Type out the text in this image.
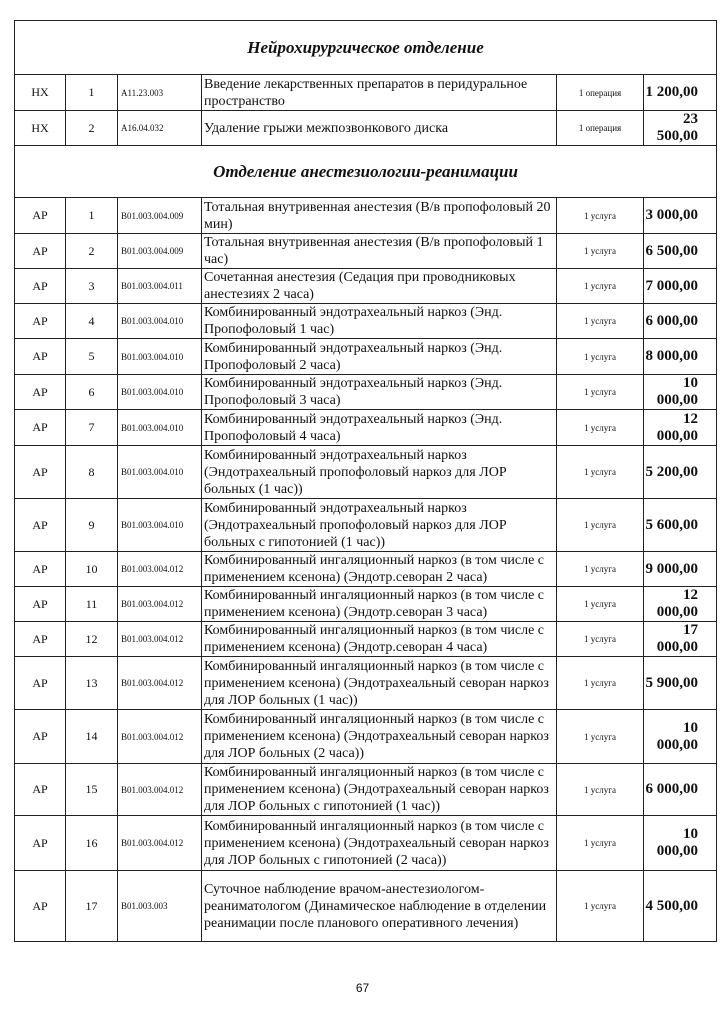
Нейрохирургическое отделение					
НХ	1	A11.23.003	Введение лекарственных препаратов в перидуральное пространство	1 операция	1 200,00
НХ	2	A16.04.032	Удаление грыжи межпозвонкового диска	1 операция	23 500,00
Отделение анестезиологии-реанимации					
АР	1	B01.003.004.009	Тотальная внутривенная анестезия (В/в пропофоловый 20 мин)	1 услуга	3 000,00
АР	2	B01.003.004.009	Тотальная внутривенная анестезия (В/в пропофоловый 1 час)	1 услуга	6 500,00
АР	3	B01.003.004.011	Сочетанная анестезия (Седация при проводниковых анестезиях 2 часа)	1 услуга	7 000,00
АР	4	B01.003.004.010	Комбинированный эндотрахеальный наркоз (Энд. Пропофоловый 1 час)	1 услуга	6 000,00
АР	5	B01.003.004.010	Комбинированный эндотрахеальный наркоз (Энд. Пропофоловый 2 часа)	1 услуга	8 000,00
АР	6	B01.003.004.010	Комбинированный эндотрахеальный наркоз (Энд. Пропофоловый 3 часа)	1 услуга	10 000,00
АР	7	B01.003.004.010	Комбинированный эндотрахеальный наркоз (Энд. Пропофоловый 4 часа)	1 услуга	12 000,00
АР	8	B01.003.004.010	Комбинированный эндотрахеальный наркоз (Эндотрахеальный пропофоловый наркоз для ЛОР больных (1 час))	1 услуга	5 200,00
АР	9	B01.003.004.010	Комбинированный эндотрахеальный наркоз (Эндотрахеальный пропофоловый наркоз для ЛОР больных с гипотонией (1 час))	1 услуга	5 600,00
АР	10	B01.003.004.012	Комбинированный ингаляционный наркоз (в том числе с применением ксенона) (Эндотр.севоран 2 часа)	1 услуга	9 000,00
АР	11	B01.003.004.012	Комбинированный ингаляционный наркоз (в том числе с применением ксенона) (Эндотр.севоран 3 часа)	1 услуга	12 000,00
АР	12	B01.003.004.012	Комбинированный ингаляционный наркоз (в том числе с применением ксенона) (Эндотр.севоран 4 часа)	1 услуга	17 000,00
АР	13	B01.003.004.012	Комбинированный ингаляционный наркоз (в том числе с применением ксенона) (Эндотрахеальный севоран наркоз для ЛОР больных (1 час))	1 услуга	5 900,00
АР	14	B01.003.004.012	Комбинированный ингаляционный наркоз (в том числе с применением ксенона) (Эндотрахеальный севоран наркоз для ЛОР больных (2 часа))	1 услуга	10 000,00
АР	15	B01.003.004.012	Комбинированный ингаляционный наркоз (в том числе с применением ксенона) (Эндотрахеальный севоран наркоз для ЛОР больных с гипотонией (1 час))	1 услуга	6 000,00
АР	16	B01.003.004.012	Комбинированный ингаляционный наркоз (в том числе с применением ксенона) (Эндотрахеальный севоран наркоз для ЛОР больных с гипотонией (2 часа))	1 услуга	10 000,00
АР	17	B01.003.003	Суточное наблюдение врачом-анестезиологом-реаниматологом (Динамическое наблюдение в отделении реанимации после планового оперативного лечения)	1 услуга	4 500,00
67
